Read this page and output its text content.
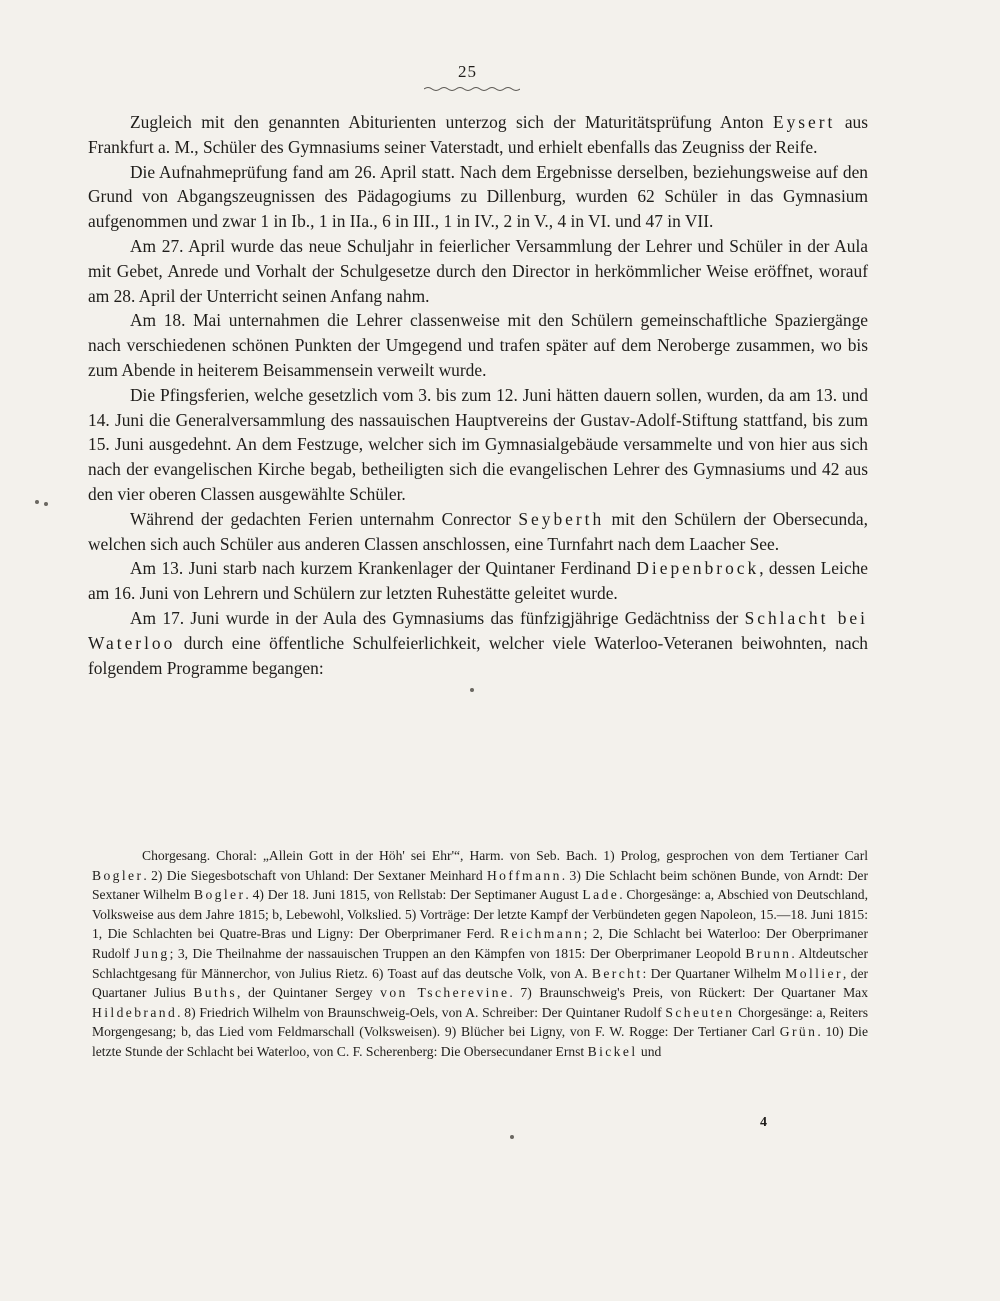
25

Zugleich mit den genannten Abiturienten unterzog sich der Maturitätsprüfung Anton Eysert aus Frankfurt a. M., Schüler des Gymnasiums seiner Vaterstadt, und erhielt ebenfalls das Zeugniss der Reife.

Die Aufnahmeprüfung fand am 26. April statt. Nach dem Ergebnisse derselben, beziehungsweise auf den Grund von Abgangszeugnissen des Pädagogiums zu Dillenburg, wurden 62 Schüler in das Gymnasium aufgenommen und zwar 1 in Ib., 1 in IIa., 6 in III., 1 in IV., 2 in V., 4 in VI. und 47 in VII.

Am 27. April wurde das neue Schuljahr in feierlicher Versammlung der Lehrer und Schüler in der Aula mit Gebet, Anrede und Vorhalt der Schulgesetze durch den Director in herkömmlicher Weise eröffnet, worauf am 28. April der Unterricht seinen Anfang nahm.

Am 18. Mai unternahmen die Lehrer classenweise mit den Schülern gemeinschaftliche Spaziergänge nach verschiedenen schönen Punkten der Umgegend und trafen später auf dem Neroberge zusammen, wo bis zum Abende in heiterem Beisammensein verweilt wurde.

Die Pfingsferien, welche gesetzlich vom 3. bis zum 12. Juni hätten dauern sollen, wurden, da am 13. und 14. Juni die Generalversammlung des nassauischen Hauptvereins der Gustav-Adolf-Stiftung stattfand, bis zum 15. Juni ausgedehnt. An dem Festzuge, welcher sich im Gymnasialgebäude versammelte und von hier aus sich nach der evangelischen Kirche begab, betheiligten sich die evangelischen Lehrer des Gymnasiums und 42 aus den vier oberen Classen ausgewählte Schüler.

Während der gedachten Ferien unternahm Conrector Seyberth mit den Schülern der Obersecunda, welchen sich auch Schüler aus anderen Classen anschlossen, eine Turnfahrt nach dem Laacher See.

Am 13. Juni starb nach kurzem Krankenlager der Quintaner Ferdinand Diepenbrock, dessen Leiche am 16. Juni von Lehrern und Schülern zur letzten Ruhestätte geleitet wurde.

Am 17. Juni wurde in der Aula des Gymnasiums das fünfzigjährige Gedächtniss der Schlacht bei Waterloo durch eine öffentliche Schulfeierlichkeit, welcher viele Waterloo-Veteranen beiwohnten, nach folgendem Programme begangen:

Chorgesang. Choral: „Allein Gott in der Höh' sei Ehr'“, Harm. von Seb. Bach. 1) Prolog, gesprochen von dem Tertianer Carl Bogler. 2) Die Siegesbotschaft von Uhland: Der Sextaner Meinhard Hoffmann. 3) Die Schlacht beim schönen Bunde, von Arndt: Der Sextaner Wilhelm Bogler. 4) Der 18. Juni 1815, von Rellstab: Der Septimaner August Lade. Chorgesänge: a, Abschied von Deutschland, Volksweise aus dem Jahre 1815; b, Lebewohl, Volkslied. 5) Vorträge: Der letzte Kampf der Verbündeten gegen Napoleon, 15.—18. Juni 1815: 1, Die Schlachten bei Quatre-Bras und Ligny: Der Oberprimaner Ferd. Reichmann; 2, Die Schlacht bei Waterloo: Der Oberprimaner Rudolf Jung; 3, Die Theilnahme der nassauischen Truppen an den Kämpfen von 1815: Der Oberprimaner Leopold Brunn. Altdeutscher Schlachtgesang für Männerchor, von Julius Rietz. 6) Toast auf das deutsche Volk, von A. Bercht: Der Quartaner Wilhelm Mollier, der Quartaner Julius Buths, der Quintaner Sergey von Tscherevine. 7) Braunschweig's Preis, von Rückert: Der Quartaner Max Hildebrand. 8) Friedrich Wilhelm von Braunschweig-Oels, von A. Schreiber: Der Quintaner Rudolf Scheuten Chorgesänge: a, Reiters Morgengesang; b, das Lied vom Feldmarschall (Volksweisen). 9) Blücher bei Ligny, von F. W. Rogge: Der Tertianer Carl Grün. 10) Die letzte Stunde der Schlacht bei Waterloo, von C. F. Scherenberg: Die Obersecundaner Ernst Bickel und

4
